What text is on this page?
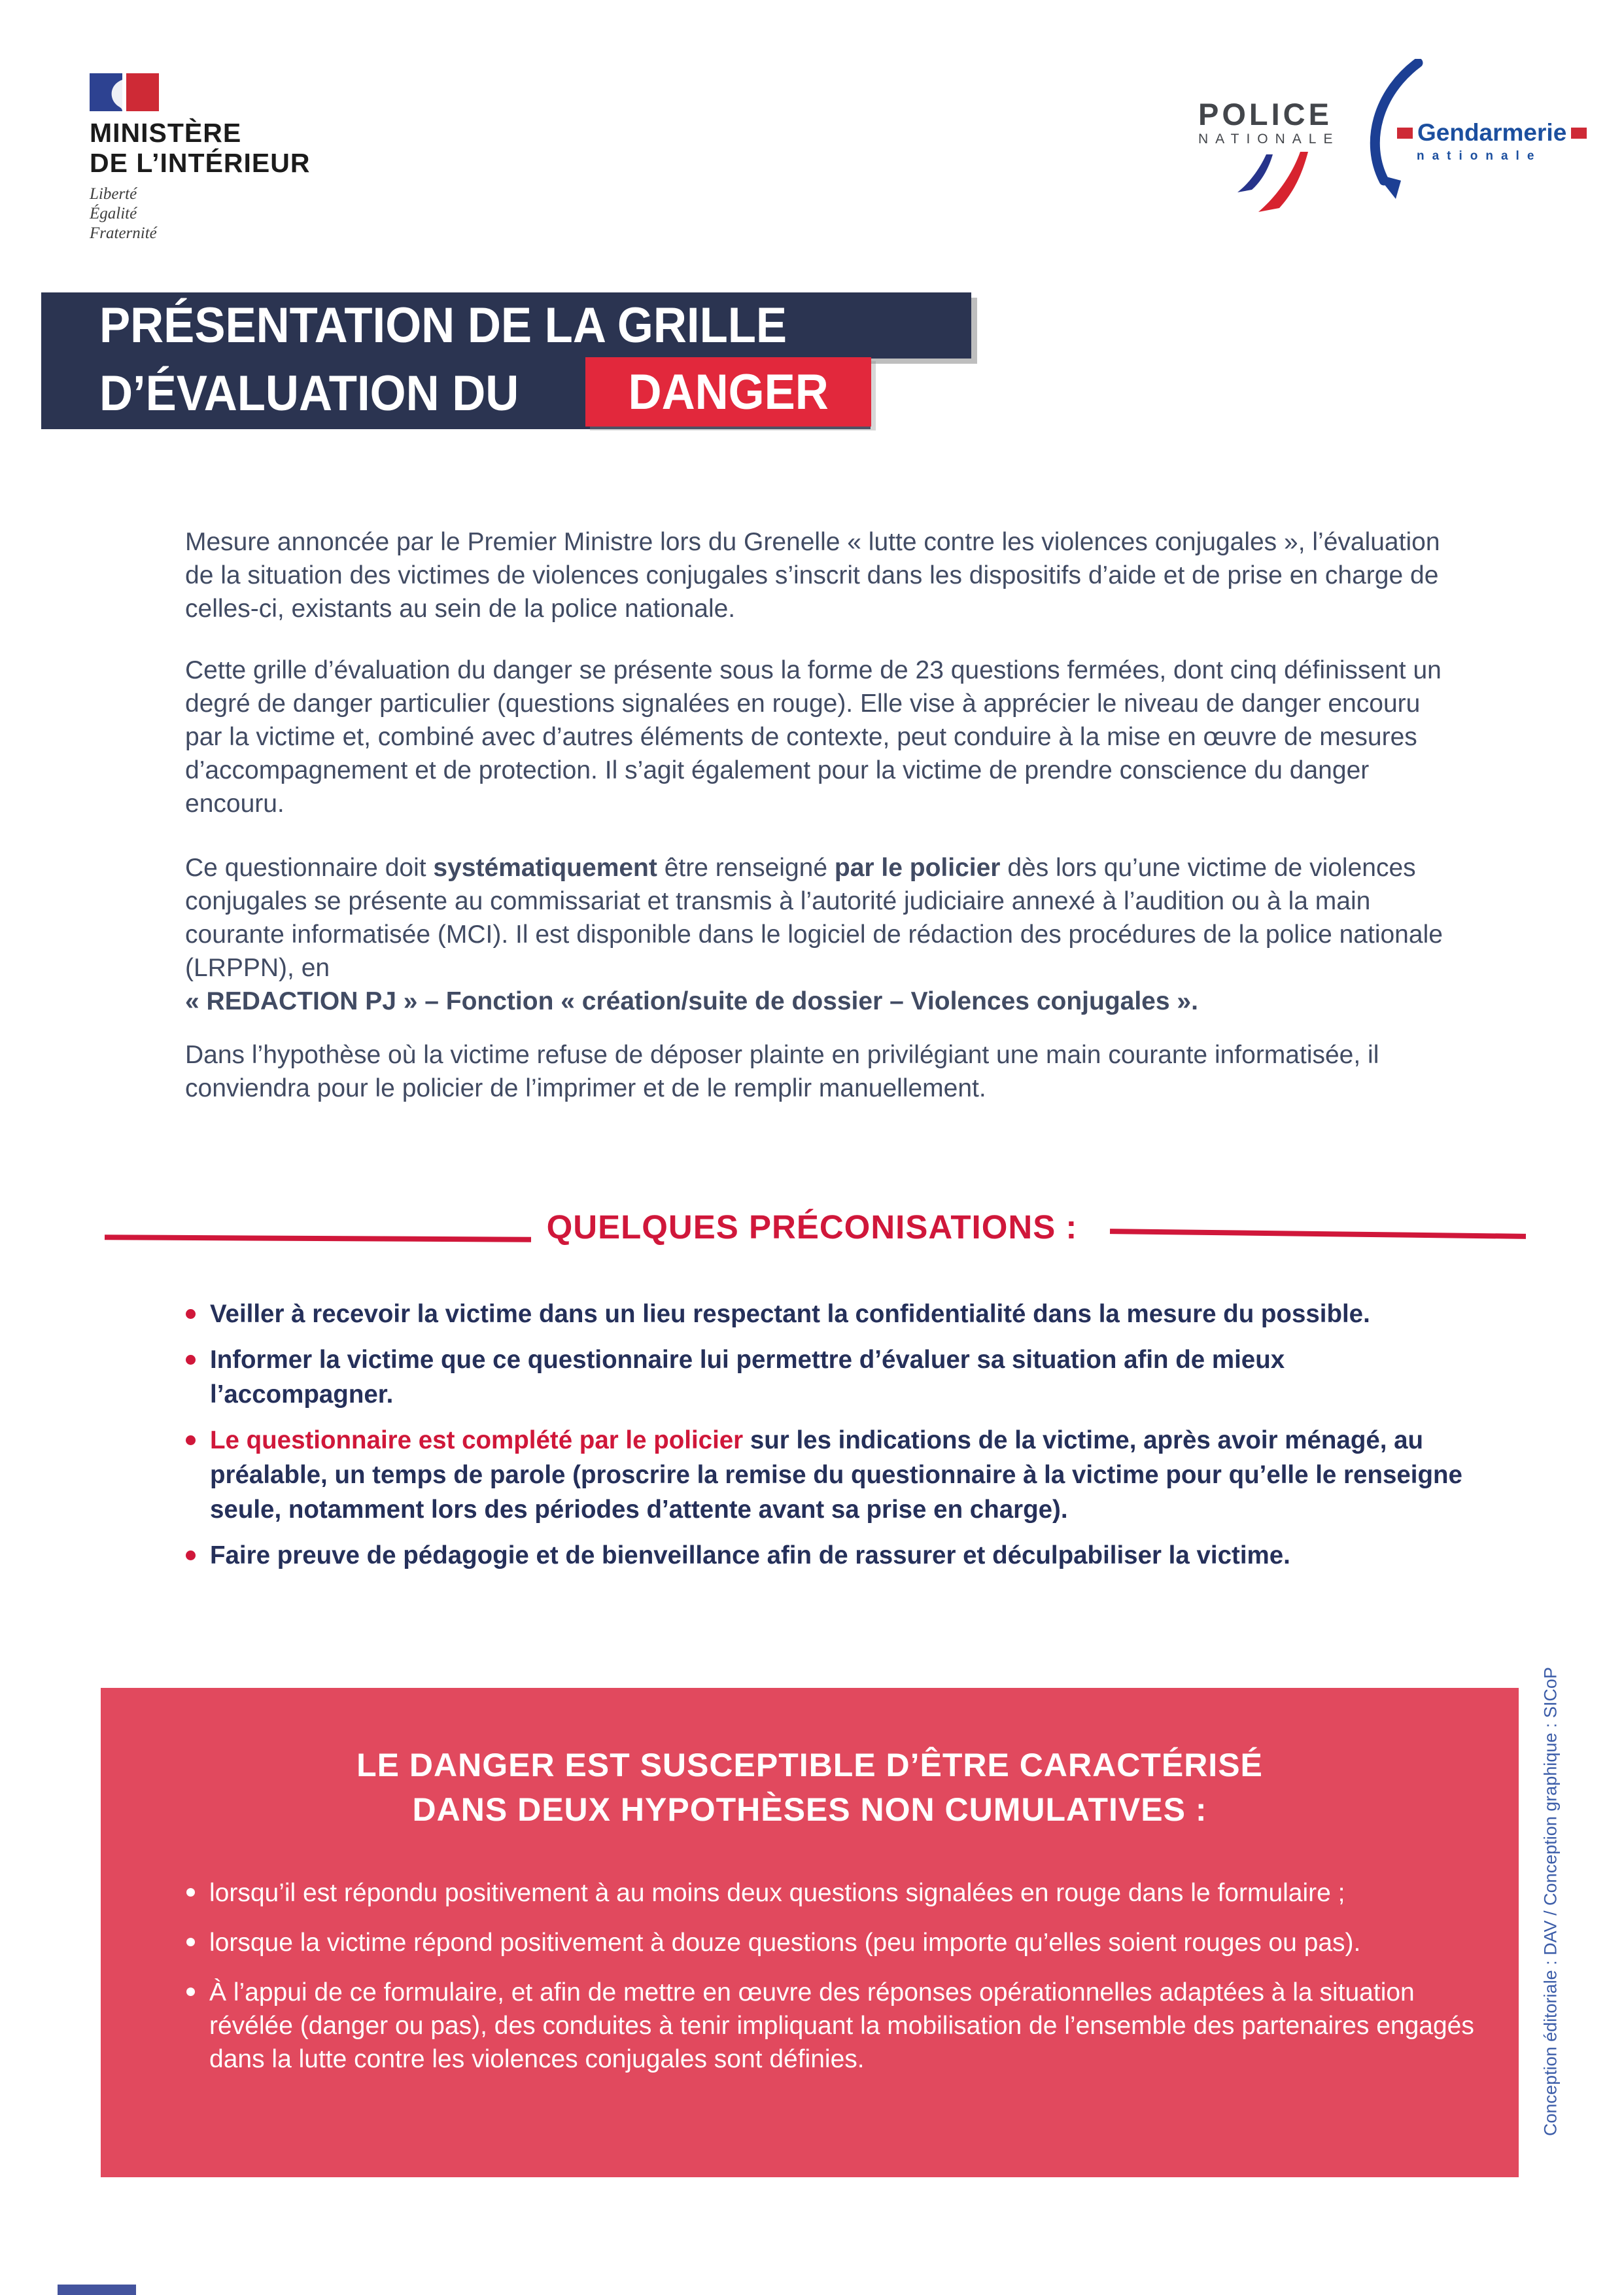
MINISTÈRE
DE L’INTÉRIEUR
Liberté
Égalité
Fraternité
POLICE
NATIONALE	Gendarmerie
nationale
DANGER
PRÉSENTATION DE LA GRILLE
D’ÉVALUATION DU

Mesure annoncée par le Premier Ministre lors du Grenelle « lutte contre les violences conjugales », l’évaluation de la situation des victimes de violences conjugales s’inscrit dans les dispositifs d’aide et de prise en charge de celles-ci, existants au sein de la police nationale.

Cette grille d’évaluation du danger se présente sous la forme de 23 questions fermées, dont cinq définissent un degré de danger particulier (questions signalées en rouge). Elle vise à apprécier le niveau de danger encouru par la victime et, combiné avec d’autres éléments de contexte, peut conduire à la mise en œuvre de mesures d’accompagnement et de protection. Il s’agit également pour la victime de prendre conscience du danger encouru.

Ce questionnaire doit systématiquement être renseigné par le policier dès lors qu’une victime de violences conjugales se présente au commissariat et transmis à l’autorité judiciaire annexé à l’audition ou à la main courante informatisée (MCI). Il est disponible dans le logiciel de rédaction des procédures de la police nationale (LRPPN), en
« REDACTION PJ » – Fonction « création/suite de dossier – Violences conjugales ».

Dans l’hypothèse où la victime refuse de déposer plainte en privilégiant une main courante informatisée, il conviendra pour le policier de l’imprimer et de le remplir manuellement.

QUELQUES PRÉCONISATIONS :
Veiller à recevoir la victime dans un lieu respectant la confidentialité dans la mesure du possible.
Informer la victime que ce questionnaire lui permettre d’évaluer sa situation afin de mieux l’accompagner.
Le questionnaire est complété par le policier sur les indications de la victime, après avoir ménagé, au préalable, un temps de parole (proscrire la remise du questionnaire à la victime pour qu’elle le renseigne seule, notamment lors des périodes d’attente avant sa prise en charge).
Faire preuve de pédagogie et de bienveillance afin de rassurer et déculpabiliser la victime.
LE DANGER EST SUSCEPTIBLE D’ÊTRE CARACTÉRISÉ
DANS DEUX HYPOTHÈSES NON CUMULATIVES :
lorsqu’il est répondu positivement à au moins deux questions signalées en rouge dans le formulaire ;
lorsque la victime répond positivement à douze questions (peu importe qu’elles soient rouges ou pas).
À l’appui de ce formulaire, et afin de mettre en œuvre des réponses opérationnelles adaptées à la situation révélée (danger ou pas), des conduites à tenir impliquant la mobilisation de l’ensemble des partenaires engagés dans la lutte contre les violences conjugales sont définies.	Conception éditoriale : DAV / Conception graphique : SICoP
